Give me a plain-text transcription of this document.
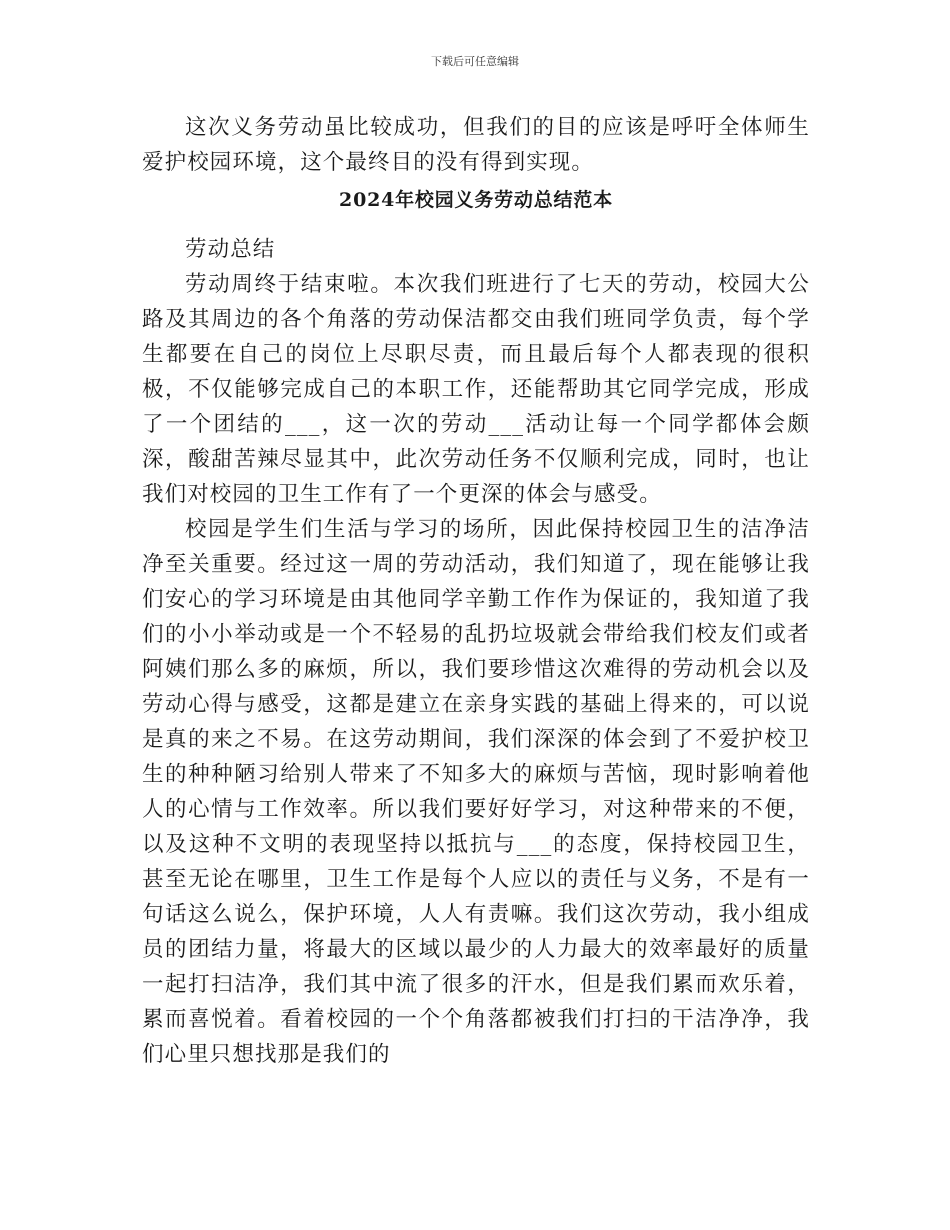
下载后可任意编辑

这次义务劳动虽比较成功，但我们的目的应该是呼吁全体师生爱护校园环境，这个最终目的没有得到实现。

2024年校园义务劳动总结范本

劳动总结

劳动周终于结束啦。本次我们班进行了七天的劳动，校园大公路及其周边的各个角落的劳动保洁都交由我们班同学负责，每个学生都要在自己的岗位上尽职尽责，而且最后每个人都表现的很积极，不仅能够完成自己的本职工作，还能帮助其它同学完成，形成了一个团结的___，这一次的劳动___活动让每一个同学都体会颇深，酸甜苦辣尽显其中，此次劳动任务不仅顺利完成，同时，也让我们对校园的卫生工作有了一个更深的体会与感受。

校园是学生们生活与学习的场所，因此保持校园卫生的洁净洁净至关重要。经过这一周的劳动活动，我们知道了，现在能够让我们安心的学习环境是由其他同学辛勤工作作为保证的，我知道了我们的小小举动或是一个不轻易的乱扔垃圾就会带给我们校友们或者阿姨们那么多的麻烦，所以，我们要珍惜这次难得的劳动机会以及劳动心得与感受，这都是建立在亲身实践的基础上得来的，可以说是真的来之不易。在这劳动期间，我们深深的体会到了不爱护校卫生的种种陋习给别人带来了不知多大的麻烦与苦恼，现时影响着他人的心情与工作效率。所以我们要好好学习，对这种带来的不便，以及这种不文明的表现坚持以抵抗与___的态度，保持校园卫生，甚至无论在哪里，卫生工作是每个人应以的责任与义务，不是有一句话这么说么，保护环境，人人有责嘛。我们这次劳动，我小组成员的团结力量，将最大的区域以最少的人力最大的效率最好的质量一起打扫洁净，我们其中流了很多的汗水，但是我们累而欢乐着，累而喜悦着。看着校园的一个个角落都被我们打扫的干洁净净，我们心里只想找那是我们的
